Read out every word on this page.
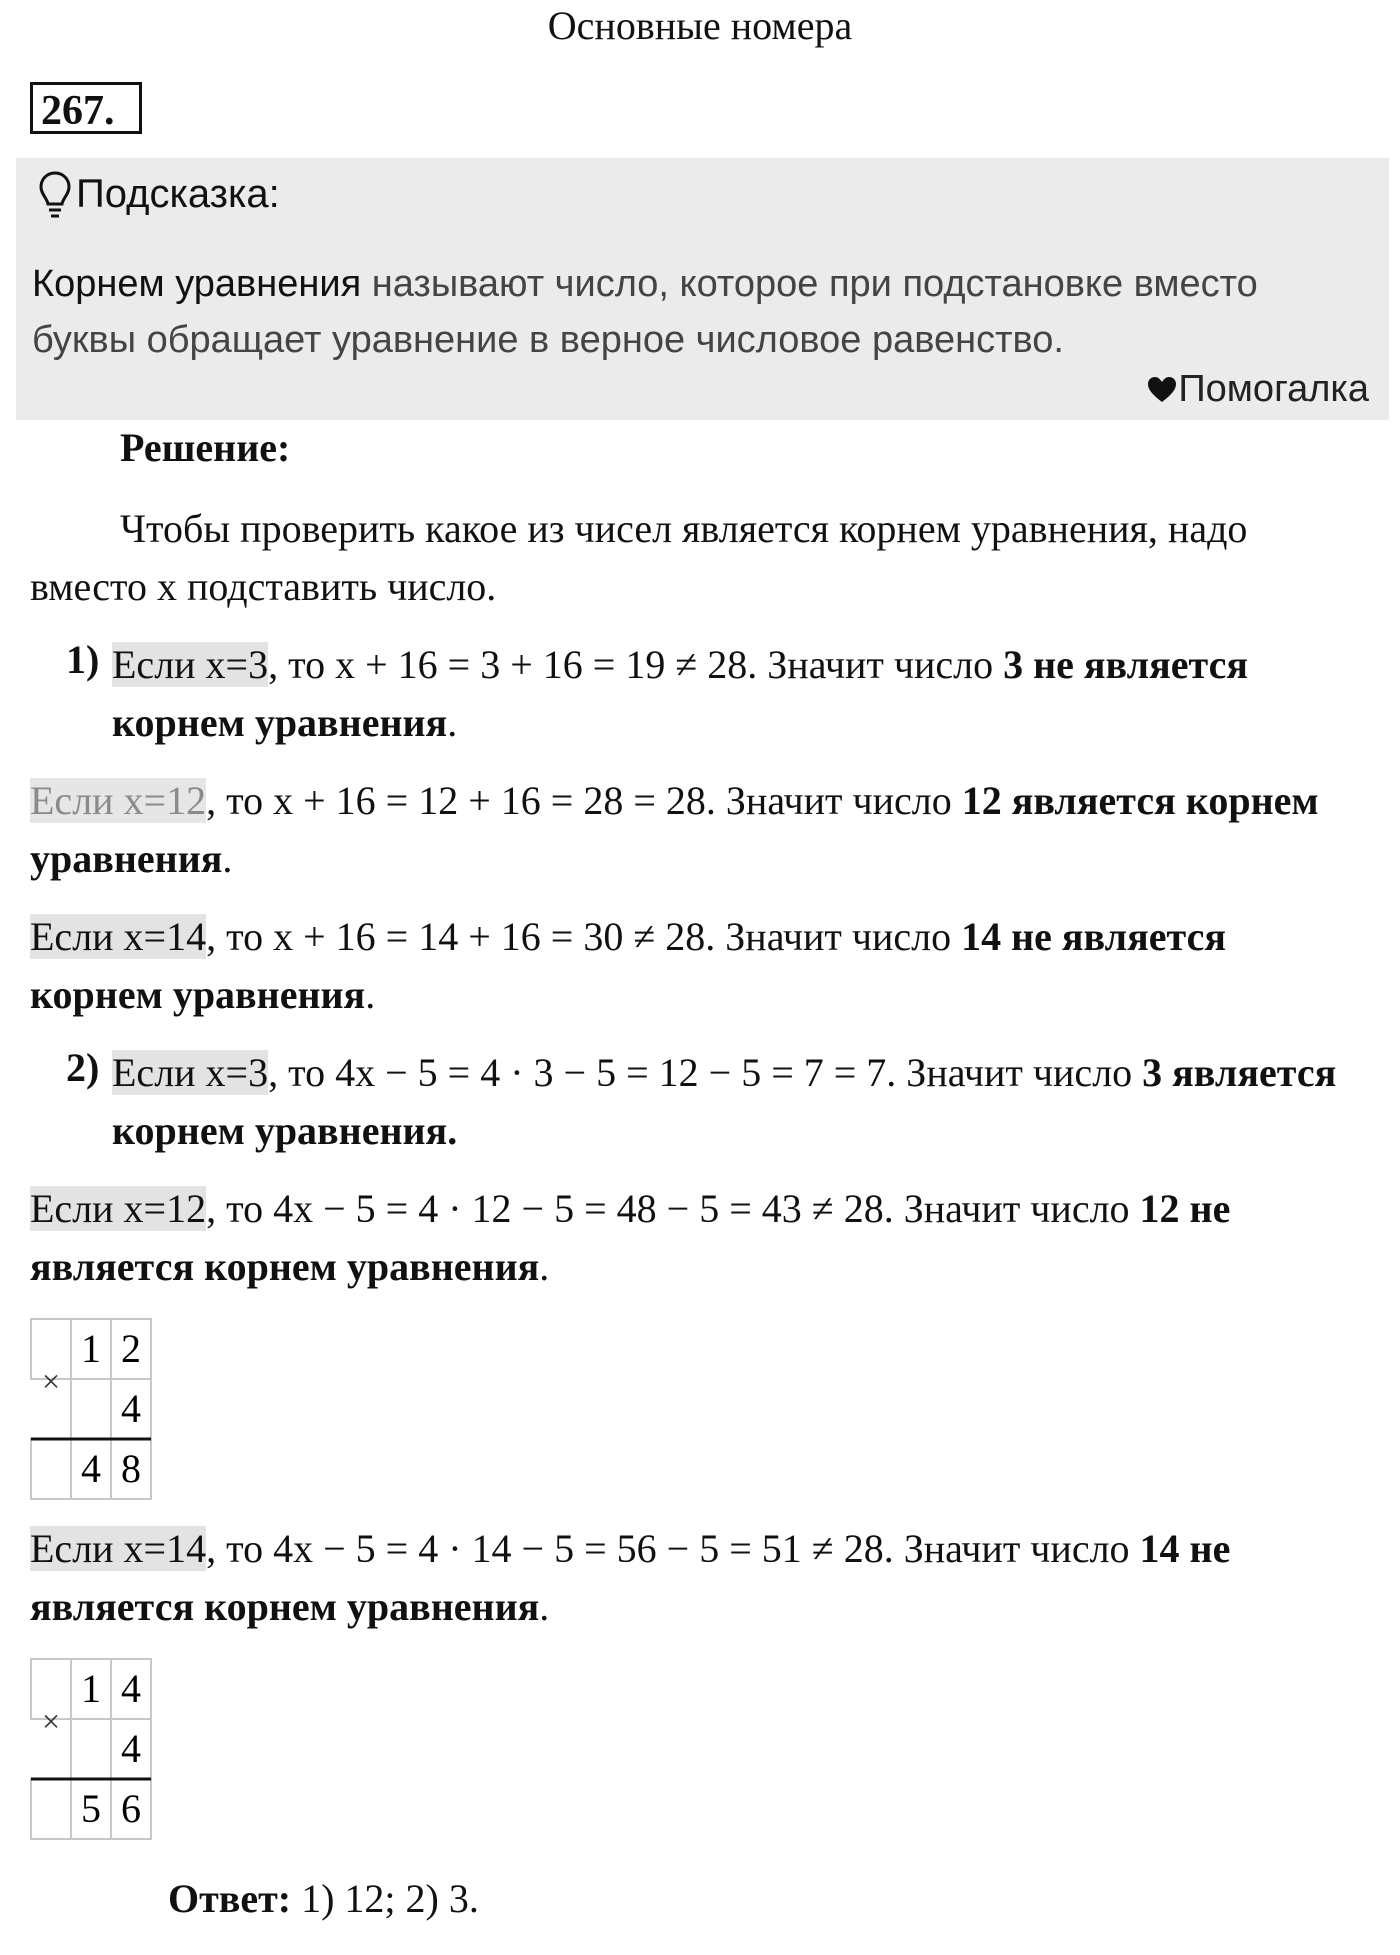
Основные номера
267.
Подсказка:
Корнем уравнения называют число, которое при подстановке вместо буквы обращает уравнение в верное числовое равенство.
Помогалка
Решение:
Чтобы проверить какое из чисел является корнем уравнения, надо вместо x подставить число.
1) Если x=3, то x + 16 = 3 + 16 = 19 ≠ 28. Значит число 3 не является корнем уравнения.
Если x=12, то x + 16 = 12 + 16 = 28 = 28. Значит число 12 является корнем уравнения.
Если x=14, то x + 16 = 14 + 16 = 30 ≠ 28. Значит число 14 не является корнем уравнения.
2) Если x=3, то 4x − 5 = 4 · 3 − 5 = 12 − 5 = 7 = 7. Значит число 3 является корнем уравнения.
Если x=12, то 4x − 5 = 4 · 12 − 5 = 48 − 5 = 43 ≠ 28. Значит число 12 не является корнем уравнения.
×
1 2
4
4 8
Если x=14, то 4x − 5 = 4 · 14 − 5 = 56 − 5 = 51 ≠ 28. Значит число 14 не является корнем уравнения.
×
1 4
4
5 6
Ответ: 1) 12; 2) 3.
